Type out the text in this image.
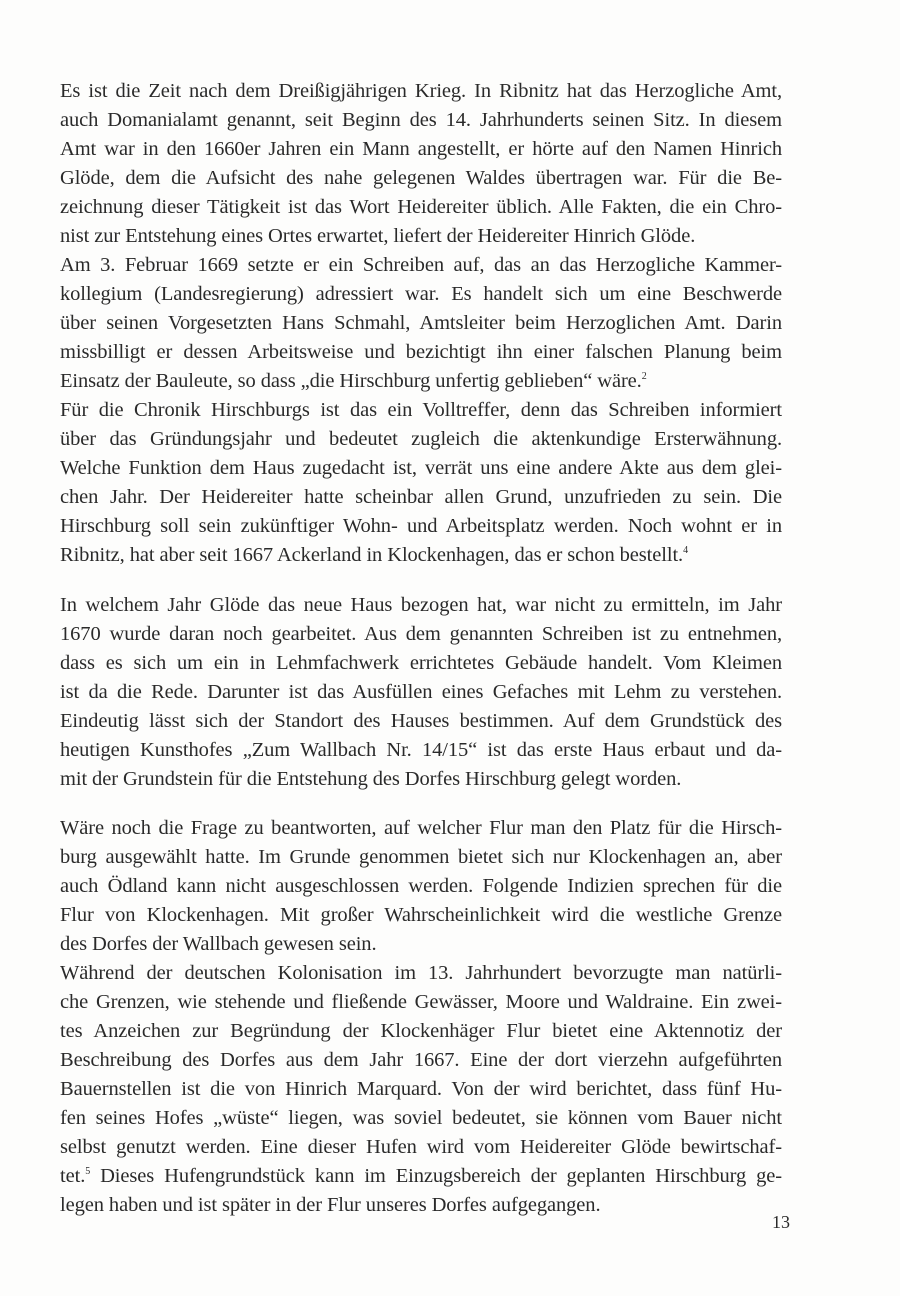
Es ist die Zeit nach dem Dreißigjährigen Krieg. In Ribnitz hat das Herzogliche Amt,
auch Domanialamt genannt, seit Beginn des 14. Jahrhunderts seinen Sitz. In diesem
Amt war in den 1660er Jahren ein Mann angestellt, er hörte auf den Namen Hinrich
Glöde, dem die Aufsicht des nahe gelegenen Waldes übertragen war. Für die Be-
zeichnung dieser Tätigkeit ist das Wort Heidereiter üblich. Alle Fakten, die ein Chro-
nist zur Entstehung eines Ortes erwartet, liefert der Heidereiter Hinrich Glöde.
Am 3. Februar 1669 setzte er ein Schreiben auf, das an das Herzogliche Kammer-
kollegium (Landesregierung) adressiert war. Es handelt sich um eine Beschwerde
über seinen Vorgesetzten Hans Schmahl, Amtsleiter beim Herzoglichen Amt. Darin
missbilligt er dessen Arbeitsweise und bezichtigt ihn einer falschen Planung beim
Einsatz der Bauleute, so dass „die Hirschburg unfertig geblieben“ wäre.$^2$
Für die Chronik Hirschburgs ist das ein Volltreffer, denn das Schreiben informiert
über das Gründungsjahr und bedeutet zugleich die aktenkundige Ersterwähnung.
Welche Funktion dem Haus zugedacht ist, verrät uns eine andere Akte aus dem glei-
chen Jahr. Der Heidereiter hatte scheinbar allen Grund, unzufrieden zu sein. Die
Hirschburg soll sein zukünftiger Wohn- und Arbeitsplatz werden. Noch wohnt er in
Ribnitz, hat aber seit 1667 Ackerland in Klockenhagen, das er schon bestellt.$^4$
In welchem Jahr Glöde das neue Haus bezogen hat, war nicht zu ermitteln, im Jahr
1670 wurde daran noch gearbeitet. Aus dem genannten Schreiben ist zu entnehmen,
dass es sich um ein in Lehmfachwerk errichtetes Gebäude handelt. Vom Kleimen
ist da die Rede. Darunter ist das Ausfüllen eines Gefaches mit Lehm zu verstehen.
Eindeutig lässt sich der Standort des Hauses bestimmen. Auf dem Grundstück des
heutigen Kunsthofes „Zum Wallbach Nr. 14/15“ ist das erste Haus erbaut und da-
mit der Grundstein für die Entstehung des Dorfes Hirschburg gelegt worden.
Wäre noch die Frage zu beantworten, auf welcher Flur man den Platz für die Hirsch-
burg ausgewählt hatte. Im Grunde genommen bietet sich nur Klockenhagen an, aber
auch Ödland kann nicht ausgeschlossen werden. Folgende Indizien sprechen für die
Flur von Klockenhagen. Mit großer Wahrscheinlichkeit wird die westliche Grenze
des Dorfes der Wallbach gewesen sein.
Während der deutschen Kolonisation im 13. Jahrhundert bevorzugte man natürli-
che Grenzen, wie stehende und fließende Gewässer, Moore und Waldraine. Ein zwei-
tes Anzeichen zur Begründung der Klockenhäger Flur bietet eine Aktennotiz der
Beschreibung des Dorfes aus dem Jahr 1667. Eine der dort vierzehn aufgeführten
Bauernstellen ist die von Hinrich Marquard. Von der wird berichtet, dass fünf Hu-
fen seines Hofes „wüste“ liegen, was soviel bedeutet, sie können vom Bauer nicht
selbst genutzt werden. Eine dieser Hufen wird vom Heidereiter Glöde bewirtschaf-
tet.$^5$ Dieses Hufengrundstück kann im Einzugsbereich der geplanten Hirschburg ge-
legen haben und ist später in der Flur unseres Dorfes aufgegangen.
13
